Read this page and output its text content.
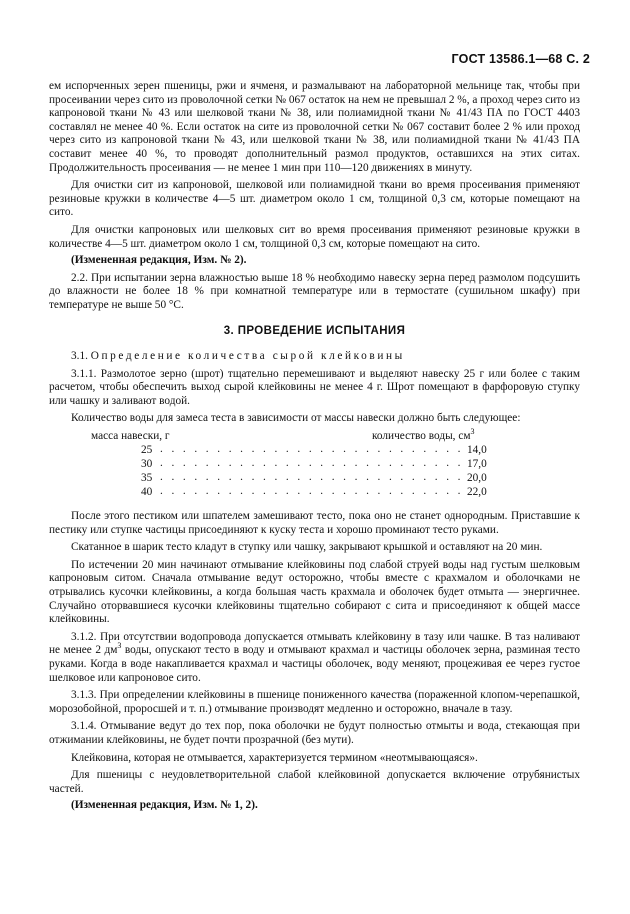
ГОСТ 13586.1—68 С. 2

ем испорченных зерен пшеницы, ржи и ячменя, и размалывают на лабораторной мельнице так, чтобы при просеивании через сито из проволочной сетки № 067 остаток на нем не превышал 2 %, а проход через сито из капроновой ткани № 43 или шелковой ткани № 38, или полиамидной ткани № 41/43 ПА по ГОСТ 4403 составлял не менее 40 %. Если остаток на сите из проволочной сетки № 067 составит более 2 % или проход через сито из капроновой ткани № 43, или шелковой ткани № 38, или полиамидной ткани № 41/43 ПА составит менее 40 %, то проводят дополнительный размол продуктов, оставшихся на этих ситах. Продолжительность просеивания — не менее 1 мин при 110—120 движениях в минуту.

Для очистки сит из капроновой, шелковой или полиамидной ткани во время просеивания применяют резиновые кружки в количестве 4—5 шт. диаметром около 1 см, толщиной 0,3 см, которые помещают на сито.

Для очистки капроновых или шелковых сит во время просеивания применяют резиновые кружки в количестве 4—5 шт. диаметром около 1 см, толщиной 0,3 см, которые помещают на сито.

(Измененная редакция, Изм. № 2).

2.2. При испытании зерна влажностью выше 18 % необходимо навеску зерна перед размолом подсушить до влажности не более 18 % при комнатной температуре или в термостате (сушильном шкафу) при температуре не выше 50 °С.

3. ПРОВЕДЕНИЕ ИСПЫТАНИЯ

3.1. Определение количества сырой клейковины

3.1.1. Размолотое зерно (шрот) тщательно перемешивают и выделяют навеску 25 г или более с таким расчетом, чтобы обеспечить выход сырой клейковины не менее 4 г. Шрот помещают в фарфоровую ступку или чашку и заливают водой.

Количество воды для замеса теста в зависимости от массы навески должно быть следующее:

масса навески, г	количество воды, $см^3$
25 . . . . . . . . . . . . . . . . . . . . . . . . . . . 14,0
30 . . . . . . . . . . . . . . . . . . . . . . . . . . . 17,0
35 . . . . . . . . . . . . . . . . . . . . . . . . . . . 20,0
40 . . . . . . . . . . . . . . . . . . . . . . . . . . . 22,0

После этого пестиком или шпателем замешивают тесто, пока оно не станет однородным. Приставшие к пестику или ступке частицы присоединяют к куску теста и хорошо проминают тесто руками.

Скатанное в шарик тесто кладут в ступку или чашку, закрывают крышкой и оставляют на 20 мин.

По истечении 20 мин начинают отмывание клейковины под слабой струей воды над густым шелковым капроновым ситом. Сначала отмывание ведут осторожно, чтобы вместе с крахмалом и оболочками не отрывались кусочки клейковины, а когда большая часть крахмала и оболочек будет отмыта — энергичнее. Случайно оторвавшиеся кусочки клейковины тщательно собирают с сита и присоединяют к общей массе клейковины.

3.1.2. При отсутствии водопровода допускается отмывать клейковину в тазу или чашке. В таз наливают не менее 2 $дм^3$ воды, опускают тесто в воду и отмывают крахмал и частицы оболочек зерна, разминая тесто руками. Когда в воде накапливается крахмал и частицы оболочек, воду меняют, процеживая ее через густое шелковое или капроновое сито.

3.1.3. При определении клейковины в пшенице пониженного качества (пораженной клопом-черепашкой, морозобойной, проросшей и т. п.) отмывание производят медленно и осторожно, вначале в тазу.

3.1.4. Отмывание ведут до тех пор, пока оболочки не будут полностью отмыты и вода, стекающая при отжимании клейковины, не будет почти прозрачной (без мути).

Клейковина, которая не отмывается, характеризуется термином «неотмывающаяся».

Для пшеницы с неудовлетворительной слабой клейковиной допускается включение отрубянистых частей.

(Измененная редакция, Изм. № 1, 2).
